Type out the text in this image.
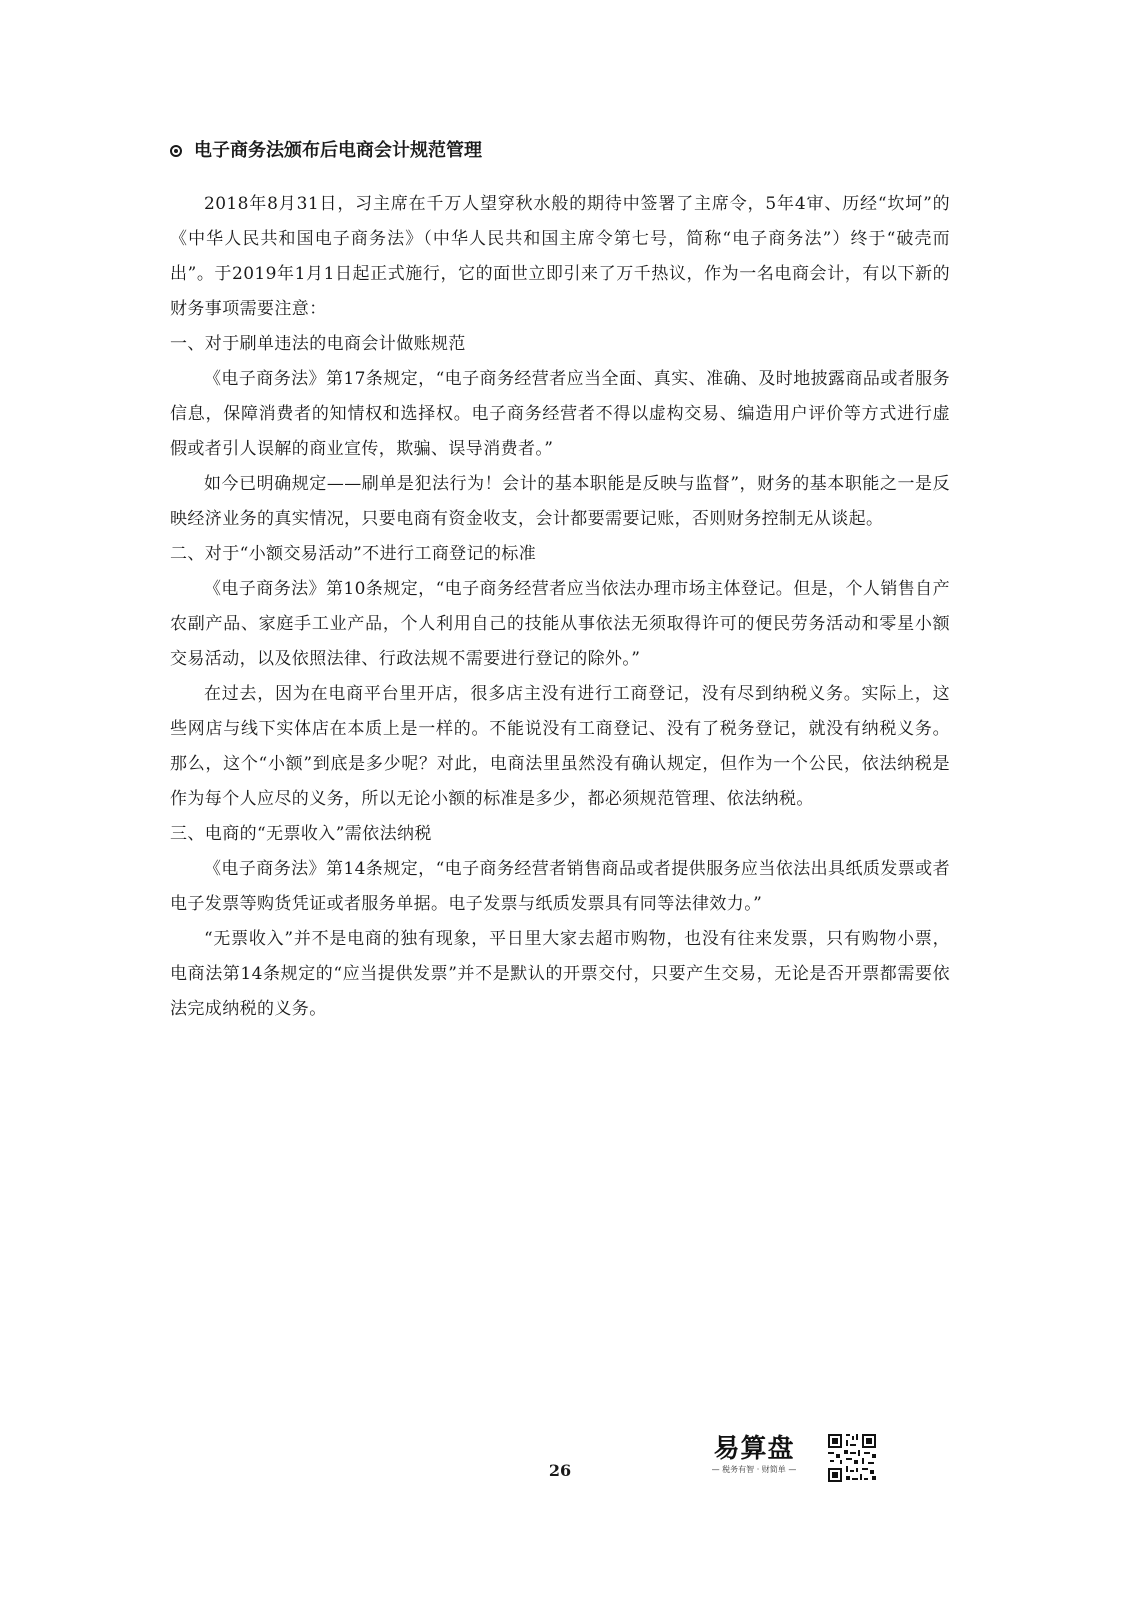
电子商务法颁布后电商会计规范管理

2018年8月31日，习主席在千万人望穿秋水般的期待中签署了主席令，5年4审、历经“坎坷”的《中华人民共和国电子商务法》（中华人民共和国主席令第七号，简称“电子商务法”）终于“破壳而出”。于2019年1月1日起正式施行，它的面世立即引来了万千热议，作为一名电商会计，有以下新的财务事项需要注意：

一、对于刷单违法的电商会计做账规范

《电子商务法》第17条规定，“电子商务经营者应当全面、真实、准确、及时地披露商品或者服务信息，保障消费者的知情权和选择权。电子商务经营者不得以虚构交易、编造用户评价等方式进行虚假或者引人误解的商业宣传，欺骗、误导消费者。”

如今已明确规定——刷单是犯法行为！会计的基本职能是反映与监督”，财务的基本职能之一是反映经济业务的真实情况，只要电商有资金收支，会计都要需要记账，否则财务控制无从谈起。

二、对于“小额交易活动”不进行工商登记的标准

《电子商务法》第10条规定，“电子商务经营者应当依法办理市场主体登记。但是，个人销售自产农副产品、家庭手工业产品，个人利用自己的技能从事依法无须取得许可的便民劳务活动和零星小额交易活动，以及依照法律、行政法规不需要进行登记的除外。”

在过去，因为在电商平台里开店，很多店主没有进行工商登记，没有尽到纳税义务。实际上，这些网店与线下实体店在本质上是一样的。不能说没有工商登记、没有了税务登记，就没有纳税义务。那么，这个“小额”到底是多少呢？对此，电商法里虽然没有确认规定，但作为一个公民，依法纳税是作为每个人应尽的义务，所以无论小额的标准是多少，都必须规范管理、依法纳税。

三、电商的“无票收入”需依法纳税

《电子商务法》第14条规定，“电子商务经营者销售商品或者提供服务应当依法出具纸质发票或者电子发票等购货凭证或者服务单据。电子发票与纸质发票具有同等法律效力。”

“无票收入”并不是电商的独有现象，平日里大家去超市购物，也没有往来发票，只有购物小票，电商法第14条规定的“应当提供发票”并不是默认的开票交付，只要产生交易，无论是否开票都需要依法完成纳税的义务。

26
易算盘
— 税务有智 · 财简单 —
